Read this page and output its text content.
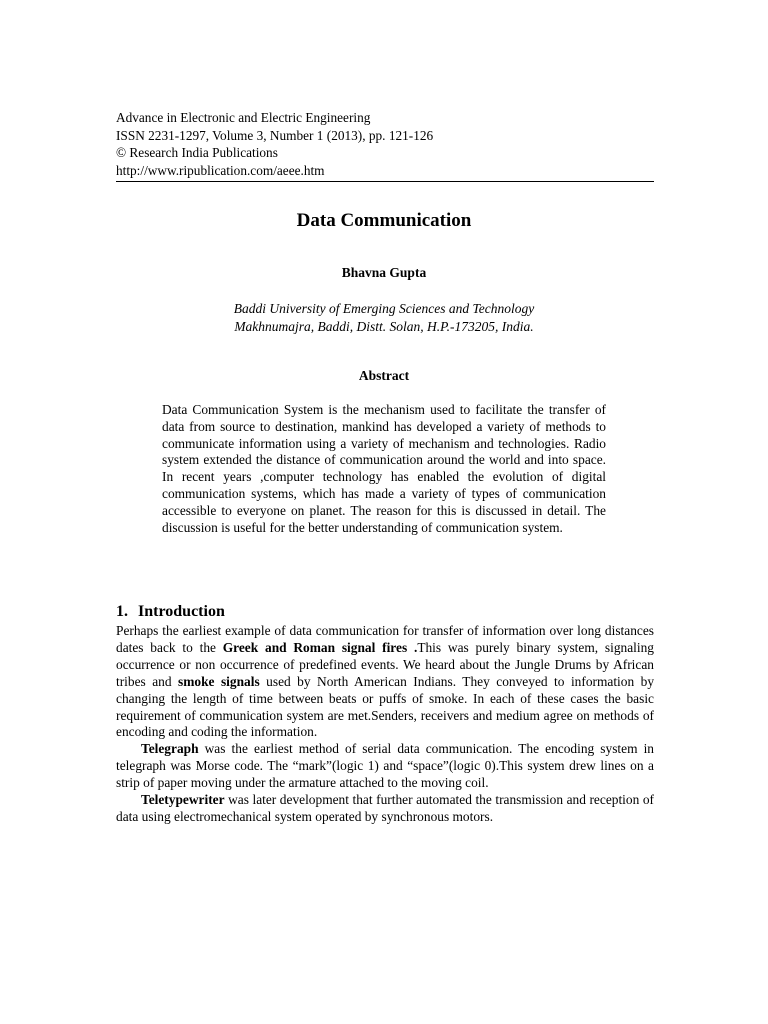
Advance in Electronic and Electric Engineering
ISSN 2231-1297, Volume 3, Number 1 (2013), pp. 121-126
© Research India Publications
http://www.ripublication.com/aeee.htm
Data Communication
Bhavna Gupta
Baddi University of Emerging Sciences and Technology
Makhnumajra, Baddi, Distt. Solan, H.P.-173205, India.
Abstract
Data Communication System is the mechanism used to facilitate the transfer of data from source to destination, mankind has developed a variety of methods to communicate information using a variety of mechanism and technologies. Radio system extended the distance of communication around the world and into space. In recent years ,computer technology has enabled the evolution of digital communication systems, which has made a variety of types of communication accessible to everyone on planet. The reason for this is discussed in detail. The discussion is useful for the better understanding of communication system.
1. Introduction

Perhaps the earliest example of data communication for transfer of information over long distances dates back to the Greek and Roman signal fires .This was purely binary system, signaling occurrence or non occurrence of predefined events. We heard about the Jungle Drums by African tribes and smoke signals used by North American Indians. They conveyed to information by changing the length of time between beats or puffs of smoke. In each of these cases the basic requirement of communication system are met.Senders, receivers and medium agree on methods of encoding and coding the information.

Telegraph was the earliest method of serial data communication. The encoding system in telegraph was Morse code. The “mark”(logic 1) and “space”(logic 0).This system drew lines on a strip of paper moving under the armature attached to the moving coil.

Teletypewriter was later development that further automated the transmission and reception of data using electromechanical system operated by synchronous motors.
